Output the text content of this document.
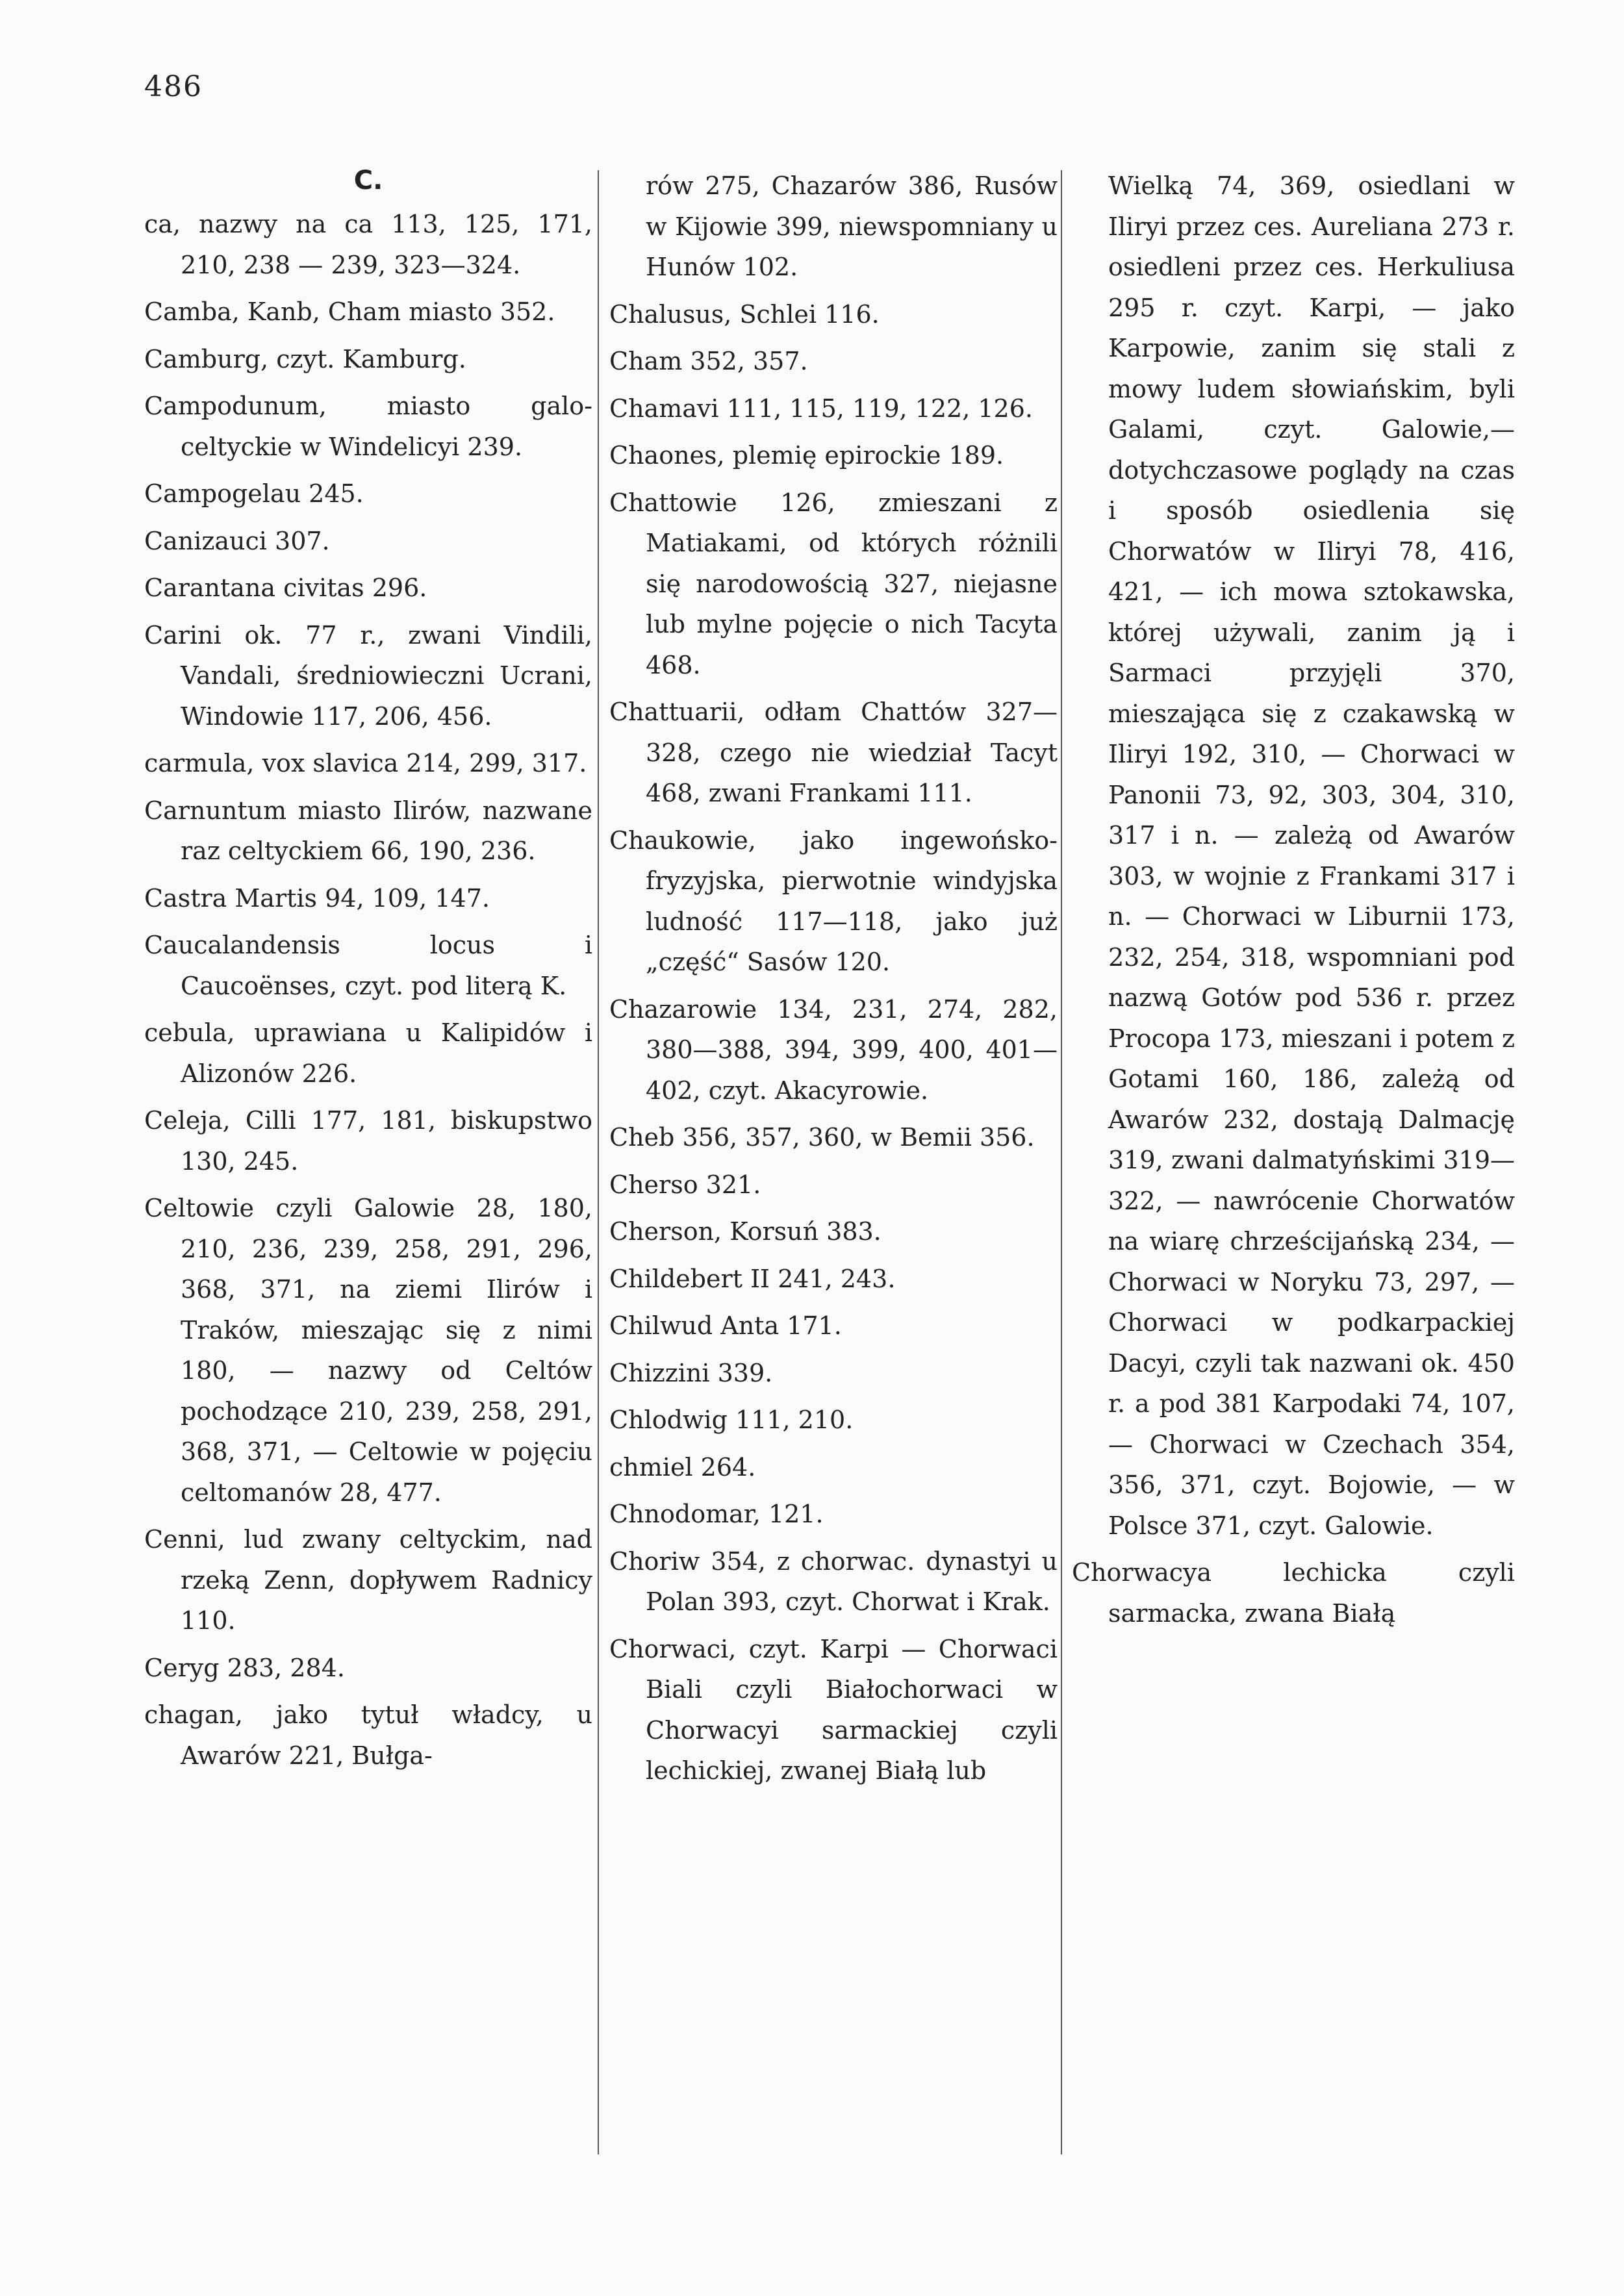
486
C.
ca, nazwy na ca 113, 125, 171, 210, 238 — 239, 323—324.
Camba, Kanb, Cham miasto 352.
Camburg, czyt. Kamburg.
Campodunum, miasto galo-celtyckie w Windelicyi 239.
Campogelau 245.
Canizauci 307.
Carantana civitas 296.
Carini ok. 77 r., zwani Vindili, Vandali, średniowieczni Ucrani, Windowie 117, 206, 456.
carmula, vox slavica 214, 299, 317.
Carnuntum miasto Ilirów, nazwane raz celtyckiem 66, 190, 236.
Castra Martis 94, 109, 147.
Caucalandensis locus i Caucoënses, czyt. pod literą K.
cebula, uprawiana u Kalipidów i Alizonów 226.
Celeja, Cilli 177, 181, biskupstwo 130, 245.
Celtowie czyli Galowie 28, 180, 210, 236, 239, 258, 291, 296, 368, 371, na ziemi Ilirów i Traków, mieszając się z nimi 180, — nazwy od Celtów pochodzące 210, 239, 258, 291, 368, 371, — Celtowie w pojęciu celtomanów 28, 477.
Cenni, lud zwany celtyckim, nad rzeką Zenn, dopływem Radnicy 110.
Ceryg 283, 284.
chagan, jako tytuł władcy, u Awarów 221, Bułga-
rów 275, Chazarów 386, Rusów w Kijowie 399, niewspomniany u Hunów 102.
Chalusus, Schlei 116.
Cham 352, 357.
Chamavi 111, 115, 119, 122, 126.
Chaones, plemię epirockie 189.
Chattowie 126, zmieszani z Matiakami, od których różnili się narodowością 327, niejasne lub mylne pojęcie o nich Tacyta 468.
Chattuarii, odłam Chattów 327—328, czego nie wiedział Tacyt 468, zwani Frankami 111.
Chaukowie, jako ingewońsko-fryzyjska, pierwotnie windyjska ludność 117—118, jako już „część“ Sasów 120.
Chazarowie 134, 231, 274, 282, 380—388, 394, 399, 400, 401—402, czyt. Akacyrowie.
Cheb 356, 357, 360, w Bemii 356.
Cherso 321.
Cherson, Korsuń 383.
Childebert II 241, 243.
Chilwud Anta 171.
Chizzini 339.
Chlodwig 111, 210.
chmiel 264.
Chnodomar, 121.
Choriw 354, z chorwac. dynastyi u Polan 393, czyt. Chorwat i Krak.
Chorwaci, czyt. Karpi — Chorwaci Biali czyli Białochorwaci w Chorwacyi sarmackiej czyli lechickiej, zwanej Białą lub
Wielką 74, 369, osiedlani w Iliryi przez ces. Aureliana 273 r. osiedleni przez ces. Herkuliusa 295 r. czyt. Karpi, — jako Karpowie, zanim się stali z mowy ludem słowiańskim, byli Galami, czyt. Galowie,— dotychczasowe poglądy na czas i sposób osiedlenia się Chorwatów w Iliryi 78, 416, 421, — ich mowa sztokawska, której używali, zanim ją i Sarmaci przyjęli 370, mieszająca się z czakawską w Iliryi 192, 310, — Chorwaci w Panonii 73, 92, 303, 304, 310, 317 i n. — zależą od Awarów 303, w wojnie z Frankami 317 i n. — Chorwaci w Liburnii 173, 232, 254, 318, wspomniani pod nazwą Gotów pod 536 r. przez Procopa 173, mieszani i potem z Gotami 160, 186, zależą od Awarów 232, dostają Dalmację 319, zwani dalmatyńskimi 319—322, — nawrócenie Chorwatów na wiarę chrześcijańską 234, — Chorwaci w Noryku 73, 297, — Chorwaci w podkarpackiej Dacyi, czyli tak nazwani ok. 450 r. a pod 381 Karpodaki 74, 107, — Chorwaci w Czechach 354, 356, 371, czyt. Bojowie, — w Polsce 371, czyt. Galowie.
Chorwacya lechicka czyli sarmacka, zwana Białą
